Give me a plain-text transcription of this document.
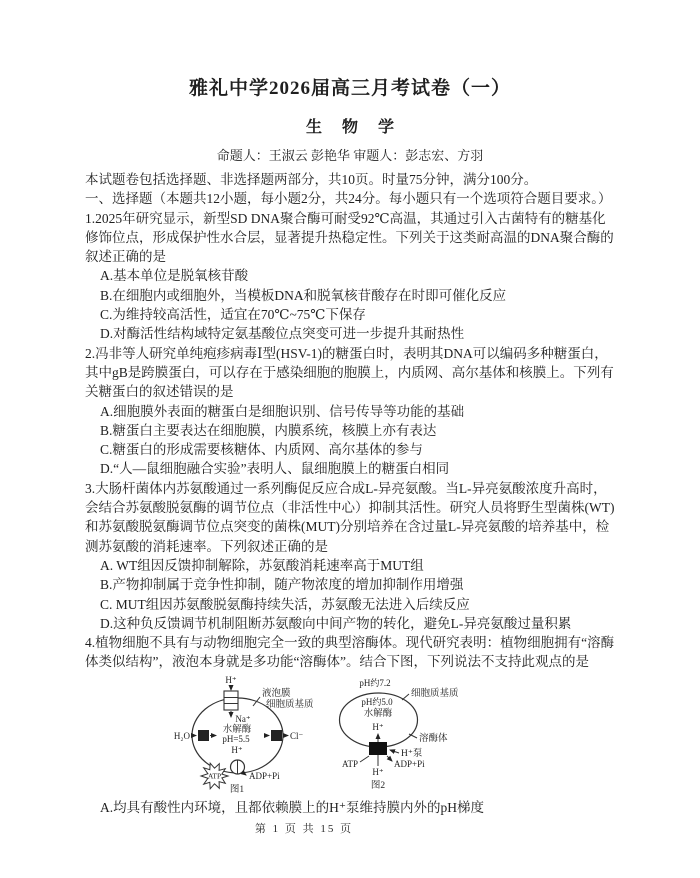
雅礼中学2026届高三月考试卷（一）
生 物 学
命题人：王淑云 彭艳华 审题人：彭志宏、方羽
本试题卷包括选择题、非选择题两部分，共10页。时量75分钟，满分100分。
一、选择题（本题共12小题，每小题2分，共24分。每小题只有一个选项符合题目要求。）
1.2025年研究显示，新型SD DNA聚合酶可耐受92℃高温，其通过引入古菌特有的糖基化
修饰位点，形成保护性水合层，显著提升热稳定性。下列关于这类耐高温的DNA聚合酶的
叙述正确的是
A.基本单位是脱氧核苷酸
B.在细胞内或细胞外，当模板DNA和脱氧核苷酸存在时即可催化反应
C.为维持较高活性，适宜在70℃~75℃下保存
D.对酶活性结构域特定氨基酸位点突变可进一步提升其耐热性
2.冯非等人研究单纯疱疹病毒Ⅰ型(HSV-1)的糖蛋白时，表明其DNA可以编码多种糖蛋白，
其中gB是跨膜蛋白，可以存在于感染细胞的胞膜上，内质网、高尔基体和核膜上。下列有
关糖蛋白的叙述错误的是
A.细胞膜外表面的糖蛋白是细胞识别、信号传导等功能的基础
B.糖蛋白主要表达在细胞膜，内膜系统，核膜上亦有表达
C.糖蛋白的形成需要核糖体、内质网、高尔基体的参与
D.“人—鼠细胞融合实验”表明人、鼠细胞膜上的糖蛋白相同
3.大肠杆菌体内苏氨酸通过一系列酶促反应合成L-异亮氨酸。当L-异亮氨酸浓度升高时，
会结合苏氨酸脱氨酶的调节位点（非活性中心）抑制其活性。研究人员将野生型菌株(WT)
和苏氨酸脱氨酶调节位点突变的菌株(MUT)分别培养在含过量L-异亮氨酸的培养基中，检
测苏氨酸的消耗速率。下列叙述正确的是
A. WT组因反馈抑制解除，苏氨酸消耗速率高于MUT组
B.产物抑制属于竞争性抑制，随产物浓度的增加抑制作用增强
C. MUT组因苏氨酸脱氨酶持续失活，苏氨酸无法进入后续反应
D.这种负反馈调节机制阻断苏氨酸向中间产物的转化，避免L-异亮氨酸过量积累
4.植物细胞不具有与动物细胞完全一致的典型溶酶体。现代研究表明：植物细胞拥有“溶酶
体类似结构”，液泡本身就是多功能“溶酶体”。结合下图，下列说法不支持此观点的是
H⁺
液泡膜
细胞质基质
Na⁺
水解酶
pH=5.5
H⁺
H₂O	Cl⁻
ATP	ADP+Pi
图1
pH约7.2
细胞质基质
pH约5.0
水解酶
H⁺
溶酶体
H⁺泵
ATP	ADP+Pi
H⁺
图2
A.均具有酸性内环境，且都依赖膜上的H⁺泵维持膜内外的pH梯度
第 1 页 共 15 页
